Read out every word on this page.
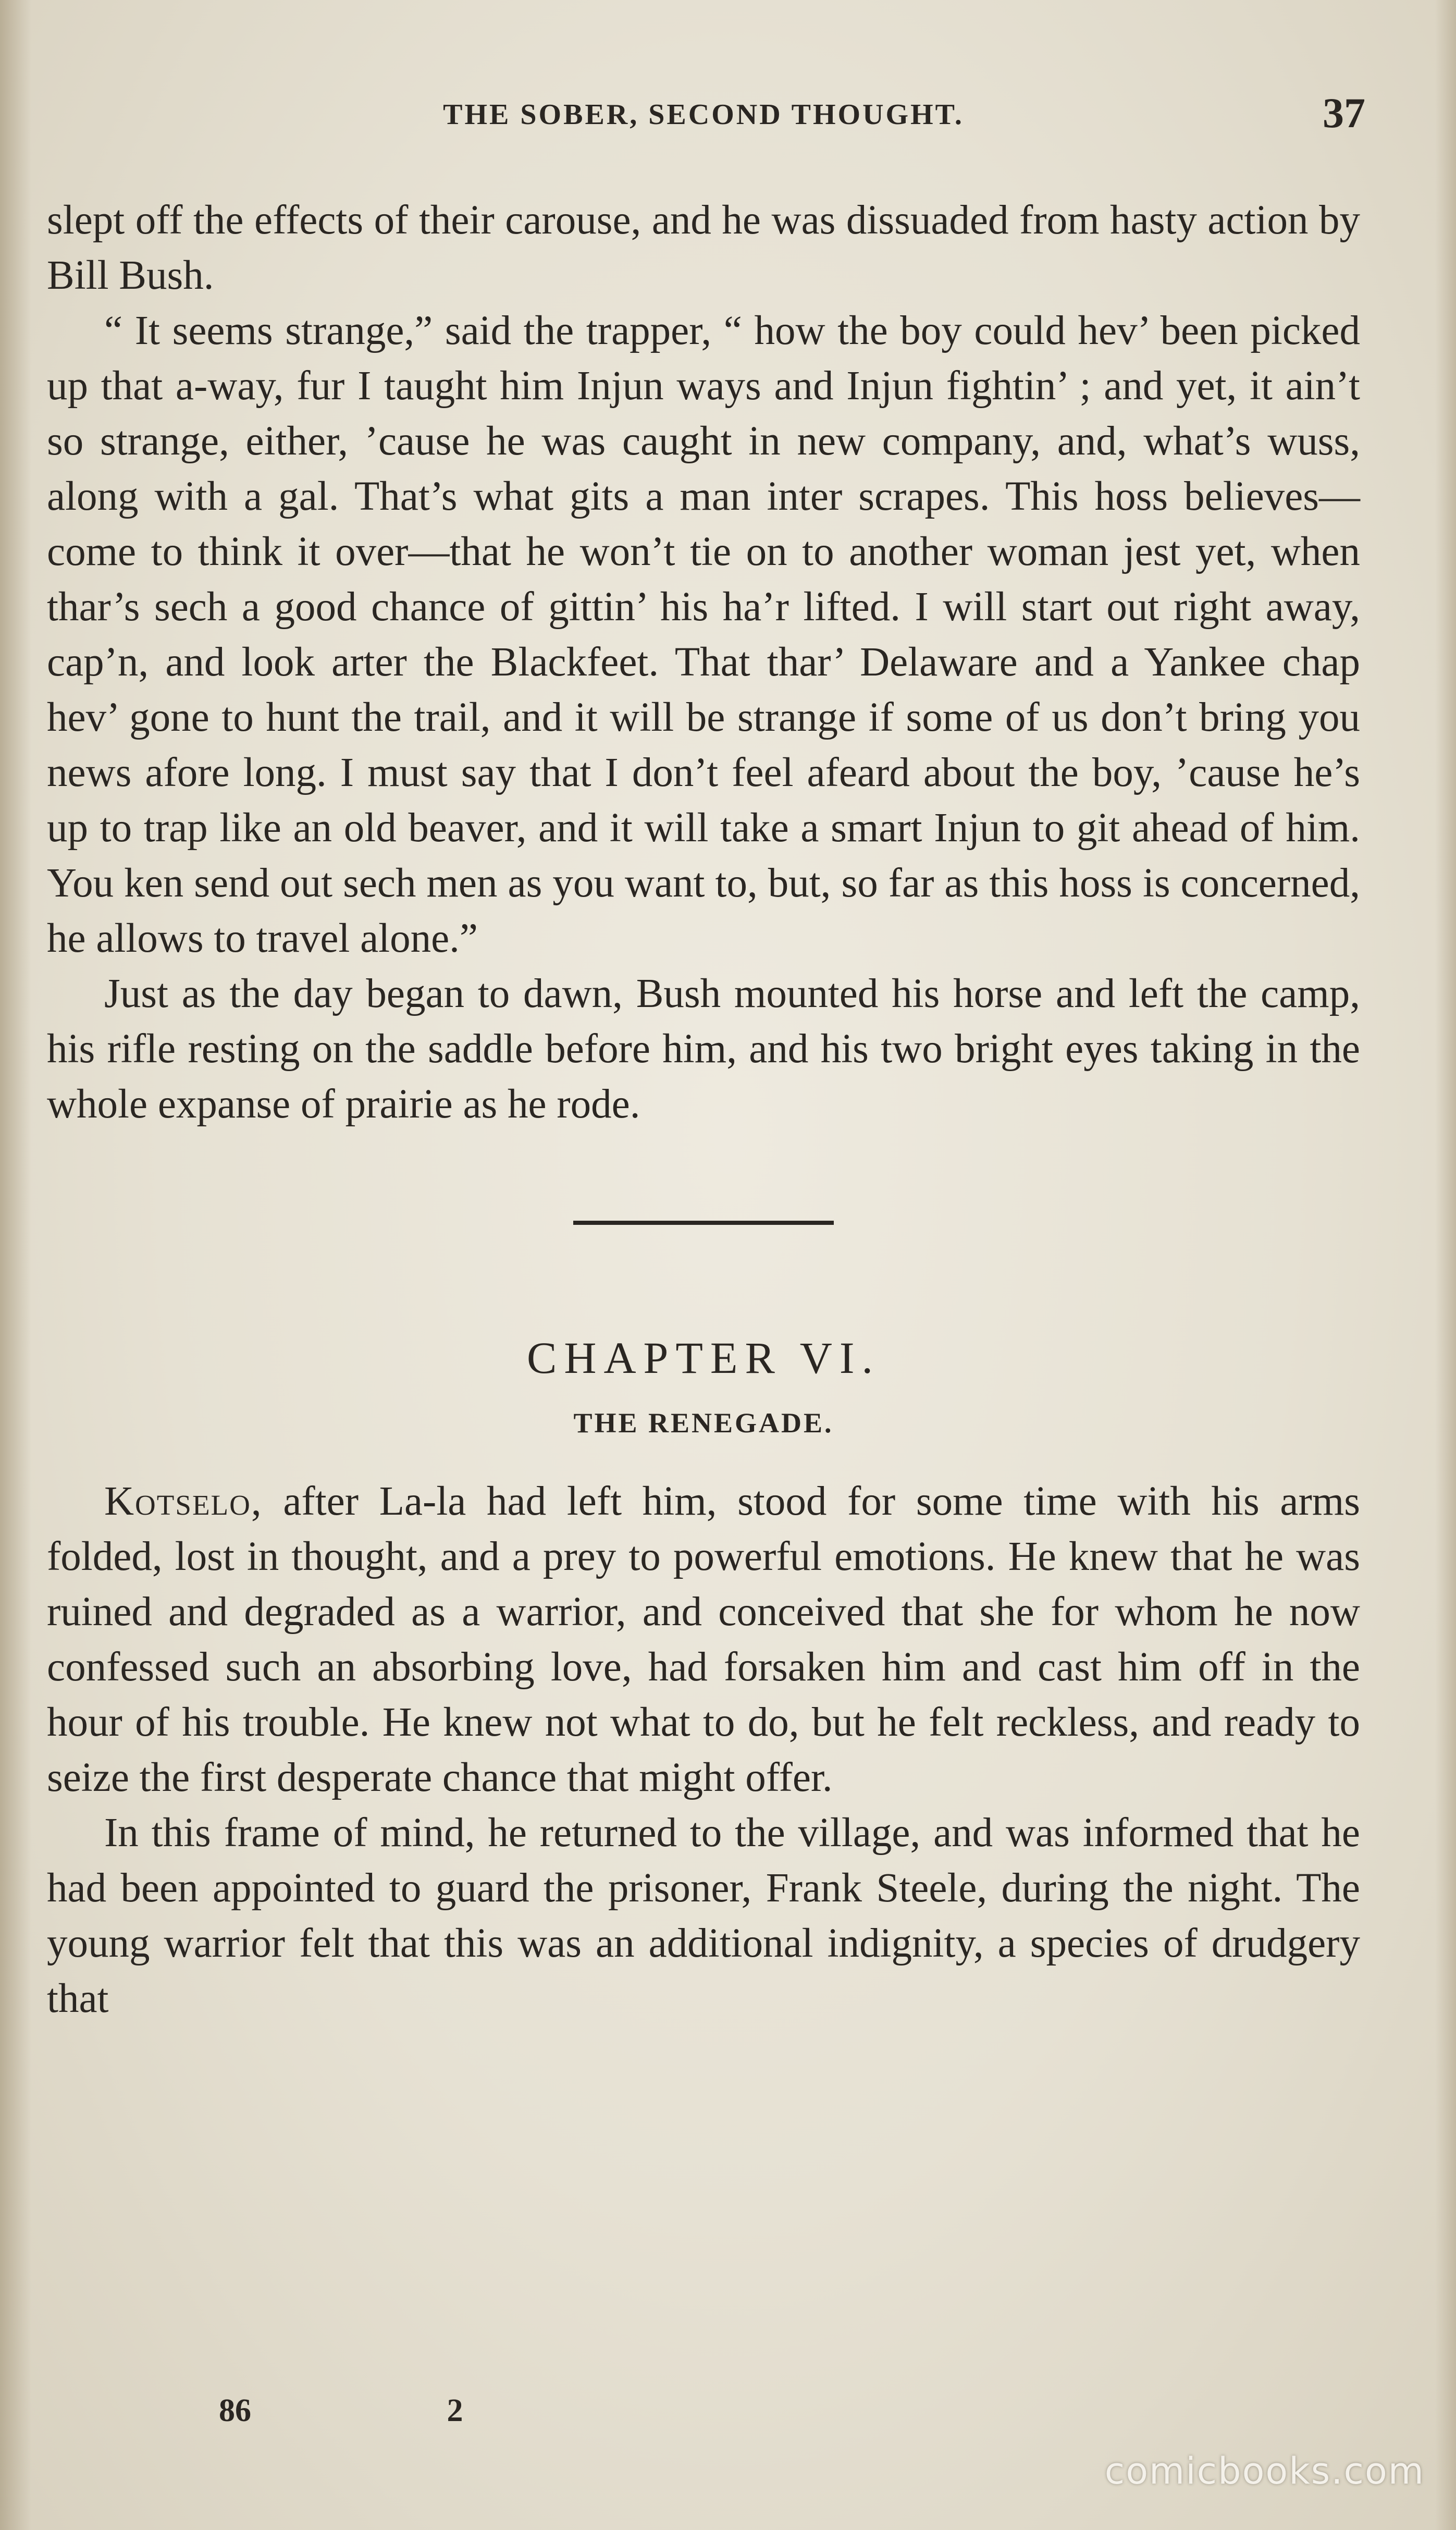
THE SOBER, SECOND THOUGHT.	37

slept off the effects of their carouse, and he was dissuaded from hasty action by Bill Bush.

“ It seems strange,” said the trapper, “ how the boy could hev’ been picked up that a-way, fur I taught him Injun ways and Injun fightin’ ; and yet, it ain’t so strange, either, ’cause he was caught in new company, and, what’s wuss, along with a gal. That’s what gits a man inter scrapes. This hoss believes—come to think it over—that he won’t tie on to another woman jest yet, when thar’s sech a good chance of gittin’ his ha’r lifted. I will start out right away, cap’n, and look arter the Blackfeet. That thar’ Delaware and a Yankee chap hev’ gone to hunt the trail, and it will be strange if some of us don’t bring you news afore long. I must say that I don’t feel afeard about the boy, ’cause he’s up to trap like an old beaver, and it will take a smart Injun to git ahead of him. You ken send out sech men as you want to, but, so far as this hoss is concerned, he allows to travel alone.”

Just as the day began to dawn, Bush mounted his horse and left the camp, his rifle resting on the saddle before him, and his two bright eyes taking in the whole expanse of prairie as he rode.

CHAPTER VI.
THE RENEGADE.

Kotselo, after La-la had left him, stood for some time with his arms folded, lost in thought, and a prey to powerful emotions. He knew that he was ruined and degraded as a warrior, and conceived that she for whom he now confessed such an absorbing love, had forsaken him and cast him off in the hour of his trouble. He knew not what to do, but he felt reckless, and ready to seize the first desperate chance that might offer.

In this frame of mind, he returned to the village, and was informed that he had been appointed to guard the prisoner, Frank Steele, during the night. The young warrior felt that this was an additional indignity, a species of drudgery that

86	2
comicbooks.com
